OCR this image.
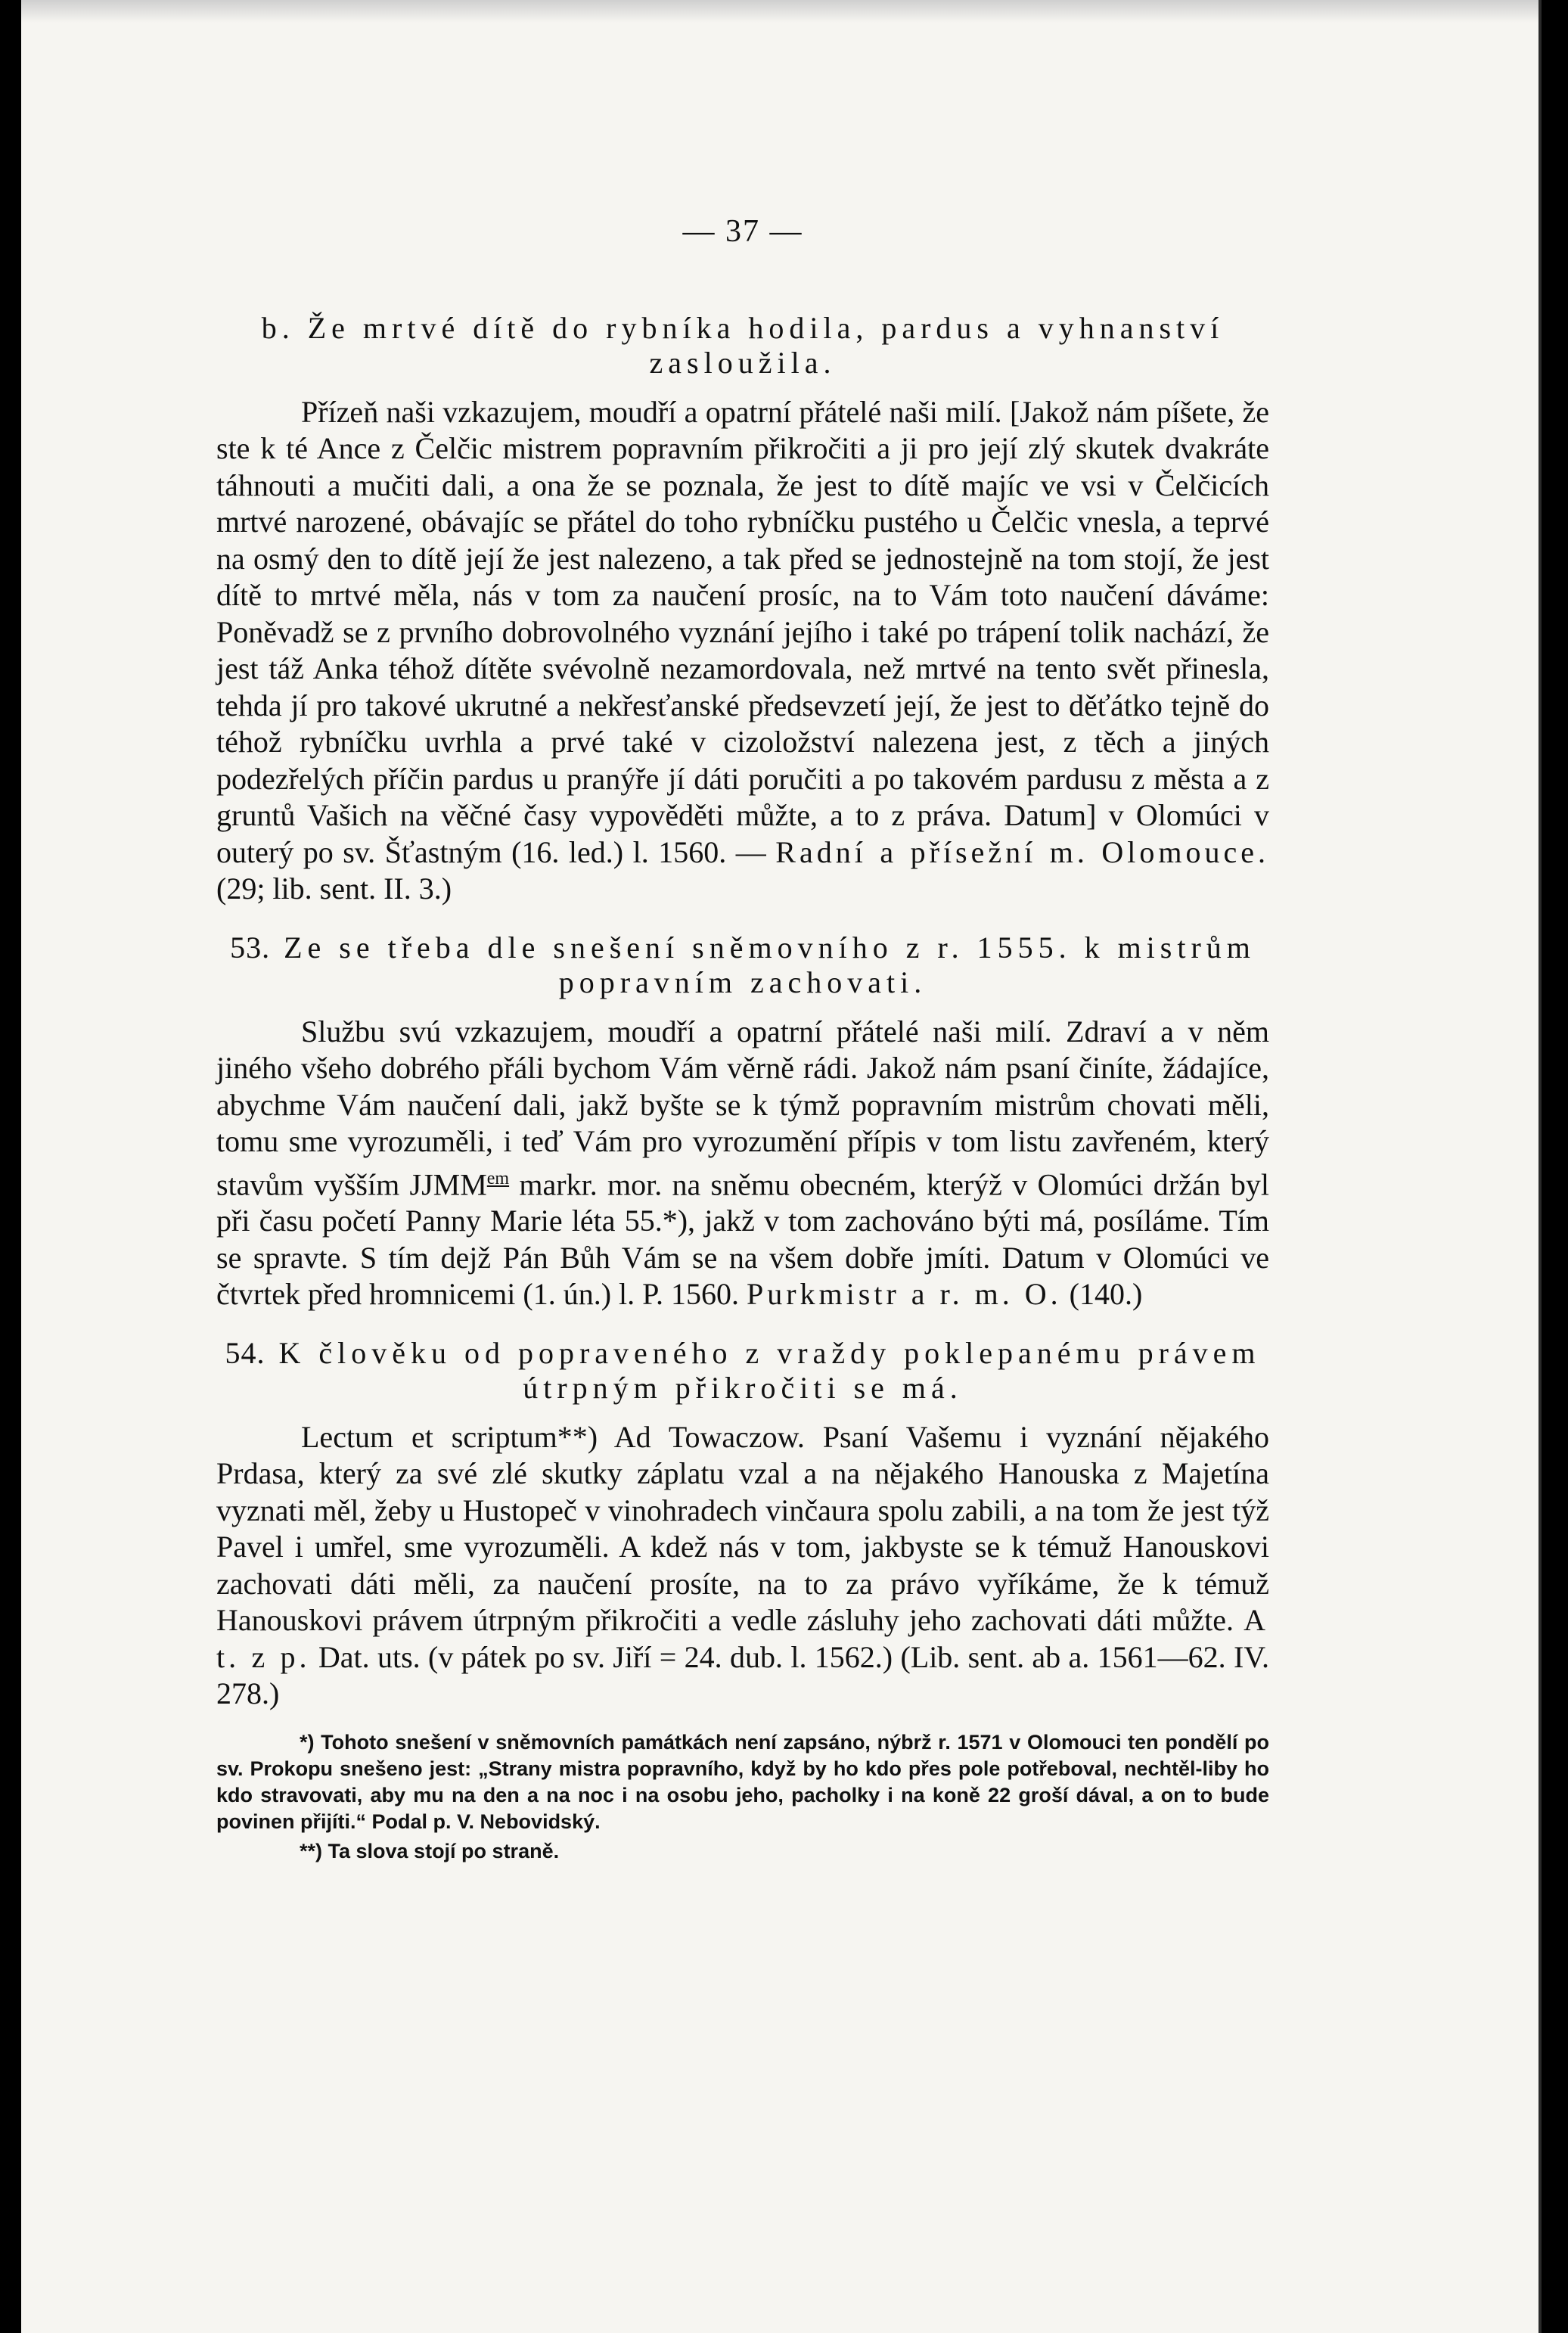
— 37 —
b. Že mrtvé dítě do rybníka hodila, pardus a vyhnanství zasloužila.

Přízeň naši vzkazujem, moudří a opatrní přátelé naši milí. [Jakož nám píšete, že ste k té Ance z Čelčic mistrem popravním přikročiti a ji pro její zlý skutek dvakráte táhnouti a mučiti dali, a ona že se poznala, že jest to dítě majíc ve vsi v Čelčicích mrtvé narozené, obávajíc se přátel do toho rybníčku pustého u Čelčic vnesla, a teprvé na osmý den to dítě její že jest nalezeno, a tak před se jednostejně na tom stojí, že jest dítě to mrtvé měla, nás v tom za naučení prosíc, na to Vám toto naučení dáváme: Poněvadž se z prvního dobrovolného vyznání jejího i také po trápení tolik nachází, že jest táž Anka téhož dítěte svévolně nezamordovala, než mrtvé na tento svět přinesla, tehda jí pro takové ukrutné a nekřesťanské předsevzetí její, že jest to děťátko tejně do téhož rybníčku uvrhla a prvé také v cizoložství nalezena jest, z těch a jiných podezřelých příčin pardus u pranýře jí dáti poručiti a po takovém pardusu z města a z gruntů Vašich na věčné časy vypověděti můžte, a to z práva. Datum] v Olomúci v outerý po sv. Šťastným (16. led.) l. 1560. — Radní a přísežní m. Olomouce. (29; lib. sent. II. 3.)

53. Ze se třeba dle snešení sněmovního z r. 1555. k mistrům popravním zachovati.

Službu svú vzkazujem, moudří a opatrní přátelé naši milí. Zdraví a v něm jiného všeho dobrého přáli bychom Vám věrně rádi. Jakož nám psaní činíte, žádajíce, abychme Vám naučení dali, jakž byšte se k týmž popravním mistrům chovati měli, tomu sme vyrozuměli, i teď Vám pro vyrozumění přípis v tom listu zavřeném, který stavům vyšším $JJMM^{em}$ markr. mor. na sněmu obecném, kterýž v Olomúci držán byl při času početí Panny Marie léta 55.*), jakž v tom zachováno býti má, posíláme. Tím se spravte. S tím dejž Pán Bůh Vám se na všem dobře jmíti. Datum v Olomúci ve čtvrtek před hromnicemi (1. ún.) l. P. 1560. Purkmistr a r. m. O. (140.)

54. K člověku od popraveného z vraždy poklepanému právem útrpným přikročiti se má.

Lectum et scriptum**) Ad Towaczow. Psaní Vašemu i vyznání nějakého Prdasa, který za své zlé skutky záplatu vzal a na nějakého Hanouska z Majetína vyznati měl, žeby u Hustopeč v vinohradech vinčaura spolu zabili, a na tom že jest týž Pavel i umřel, sme vyrozuměli. A kdež nás v tom, jakbyste se k témuž Hanouskovi zachovati dáti měli, za naučení prosíte, na to za právo vyříkáme, že k témuž Hanouskovi právem útrpným přikročiti a vedle zásluhy jeho zachovati dáti můžte. A t. z p. Dat. uts. (v pátek po sv. Jiří = 24. dub. l. 1562.) (Lib. sent. ab a. 1561—62. IV. 278.)

*) Tohoto snešení v sněmovních památkách není zapsáno, nýbrž r. 1571 v Olomouci ten pondělí po sv. Prokopu snešeno jest: „Strany mistra popravního, když by ho kdo přes pole potřeboval, nechtěl-liby ho kdo stravovati, aby mu na den a na noc i na osobu jeho, pacholky i na koně 22 groší dával, a on to bude povinen přijíti.“ Podal p. V. Nebovidský.

**) Ta slova stojí po straně.
